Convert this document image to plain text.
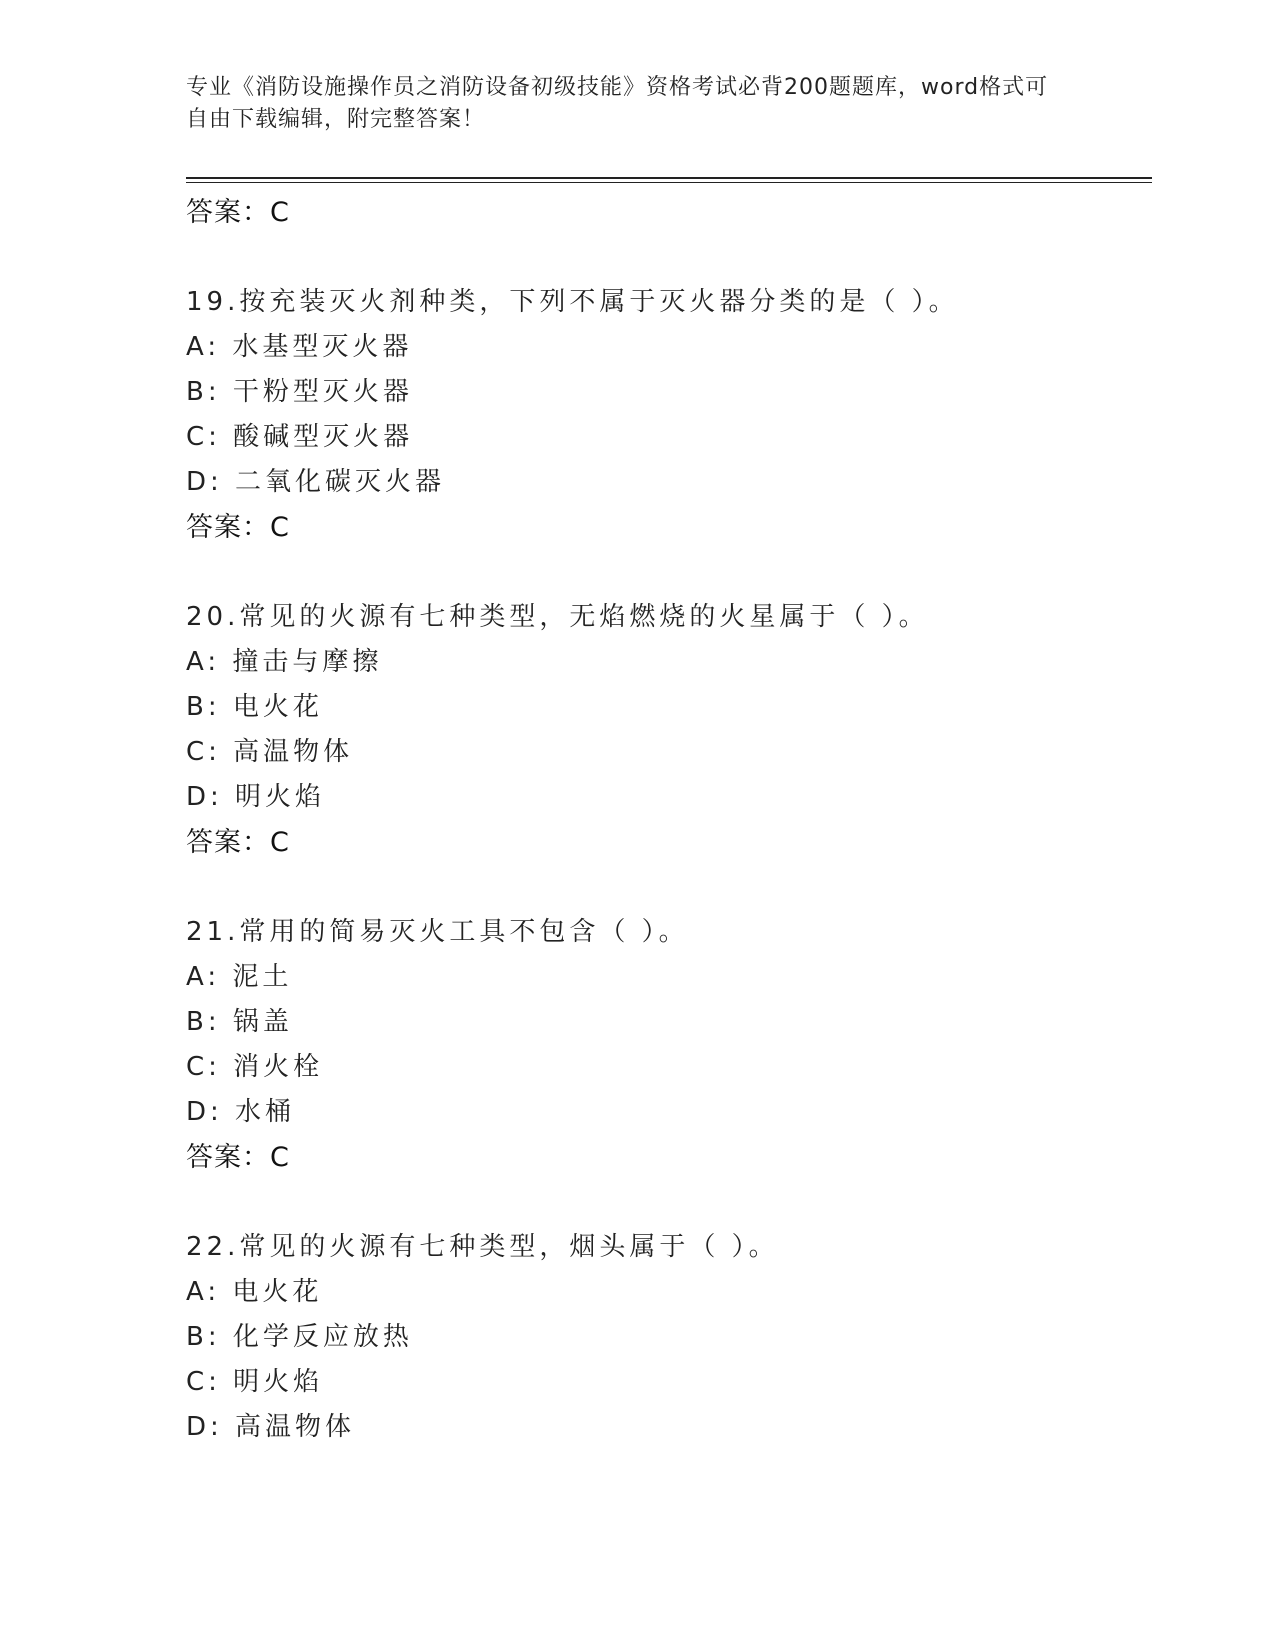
专业《消防设施操作员之消防设备初级技能》资格考试必背200题题库，word格式可自由下载编辑，附完整答案！
答案：C
19.按充装灭火剂种类，下列不属于灭火器分类的是（ ）。
A: 水基型灭火器
B: 干粉型灭火器
C: 酸碱型灭火器
D: 二氧化碳灭火器
答案：C
20.常见的火源有七种类型，无焰燃烧的火星属于（ ）。
A: 撞击与摩擦
B: 电火花
C: 高温物体
D: 明火焰
答案：C
21.常用的简易灭火工具不包含（ ）。
A: 泥土
B: 锅盖
C: 消火栓
D: 水桶
答案：C
22.常见的火源有七种类型，烟头属于（ ）。
A: 电火花
B: 化学反应放热
C: 明火焰
D: 高温物体
